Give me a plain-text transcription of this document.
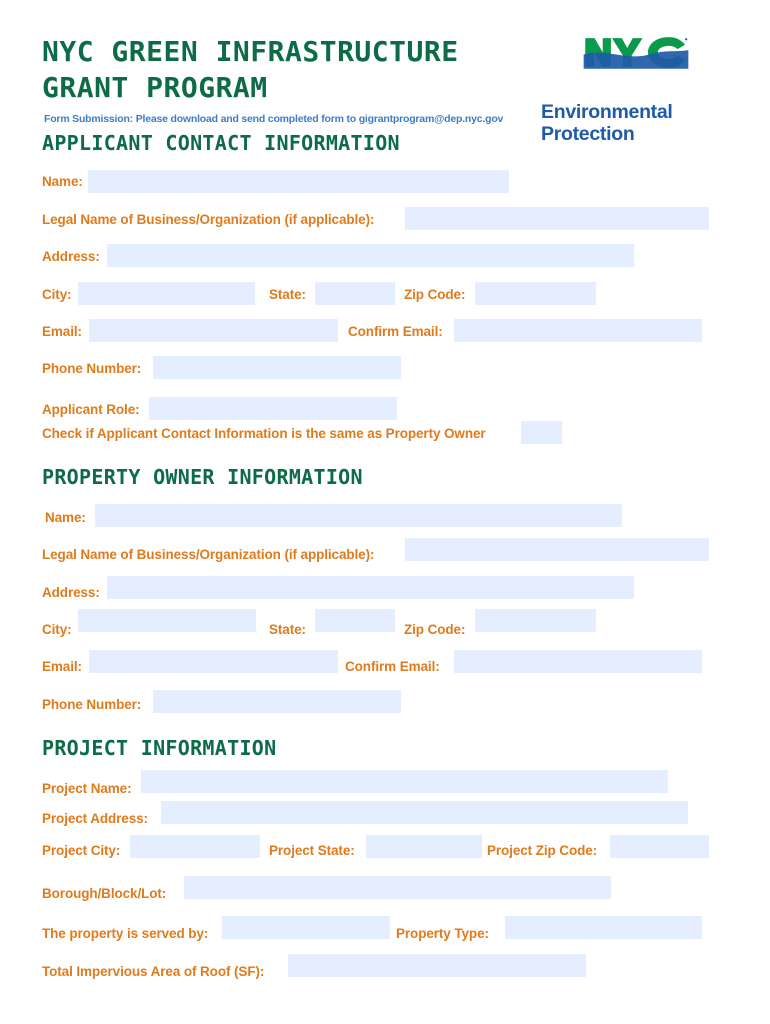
NYC GREEN INFRASTRUCTURE
GRANT PROGRAM
Form Submission: Please download and send completed form to gigrantprogram@dep.nyc.gov Environmental
Protection
APPLICANT CONTACT INFORMATION
Name:
Legal Name of Business/Organization (if applicable):
Address:
City:	State:	Zip Code:
Email:	Confirm Email:
Phone Number:
Applicant Role:
Check if Applicant Contact Information is the same as Property Owner
PROPERTY OWNER INFORMATION
Name:
Legal Name of Business/Organization (if applicable):
Address:
City:	State:	Zip Code:
Email:	Confirm Email:
Phone Number:
PROJECT INFORMATION
Project Name:
Project Address:
Project City:	Project State:	Project Zip Code:
Borough/Block/Lot:
The property is served by:	Property Type:
Total Impervious Area of Roof (SF):
